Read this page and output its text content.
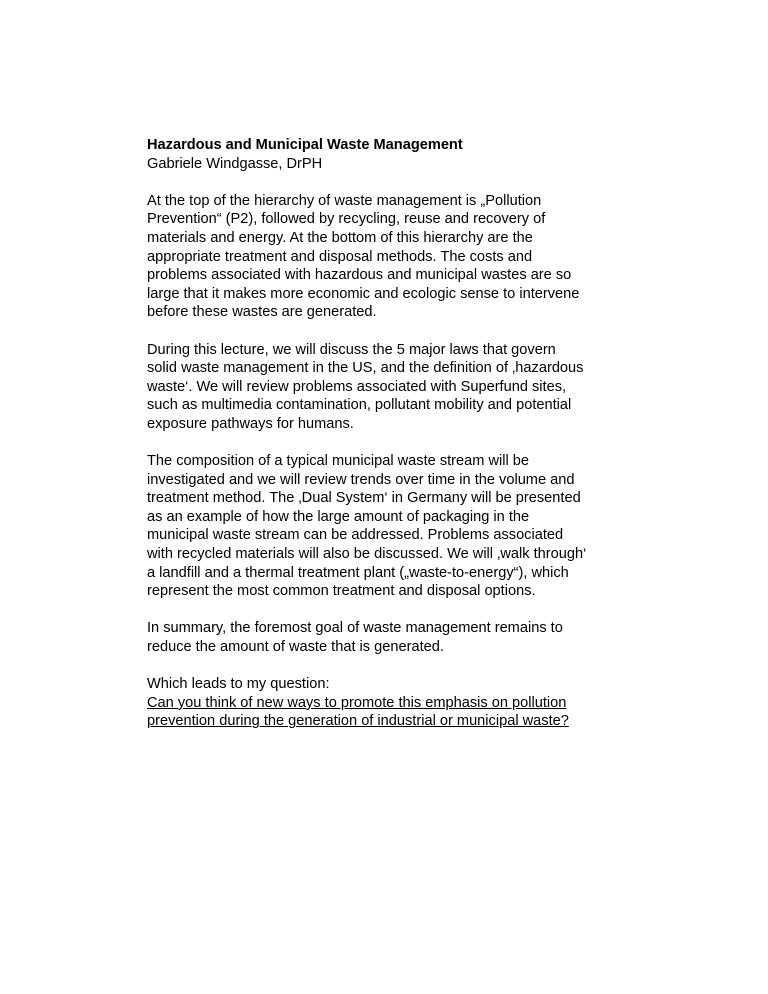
Hazardous and Municipal Waste Management
Gabriele Windgasse, DrPH

At the top of the hierarchy of waste management is „Pollution Prevention“ (P2), followed by recycling, reuse and recovery of materials and energy. At the bottom of this hierarchy are the appropriate treatment and disposal methods. The costs and problems associated with hazardous and municipal wastes are so large that it makes more economic and ecologic sense to intervene before these wastes are generated.

During this lecture, we will discuss the 5 major laws that govern solid waste management in the US, and the definition of ‚hazardous waste‘. We will review problems associated with Superfund sites, such as multimedia contamination, pollutant mobility and potential exposure pathways for humans.

The composition of a typical municipal waste stream will be investigated and we will review trends over time in the volume and treatment method. The ‚Dual System‘ in Germany will be presented as an example of how the large amount of packaging in the municipal waste stream can be addressed. Problems associated with recycled materials will also be discussed. We will ‚walk through‘ a landfill and a thermal treatment plant („waste-to-energy“), which represent the most common treatment and disposal options.

In summary, the foremost goal of waste management remains to reduce the amount of waste that is generated.

Which leads to my question:
Can you think of new ways to promote this emphasis on pollution prevention during the generation of industrial or municipal waste?
